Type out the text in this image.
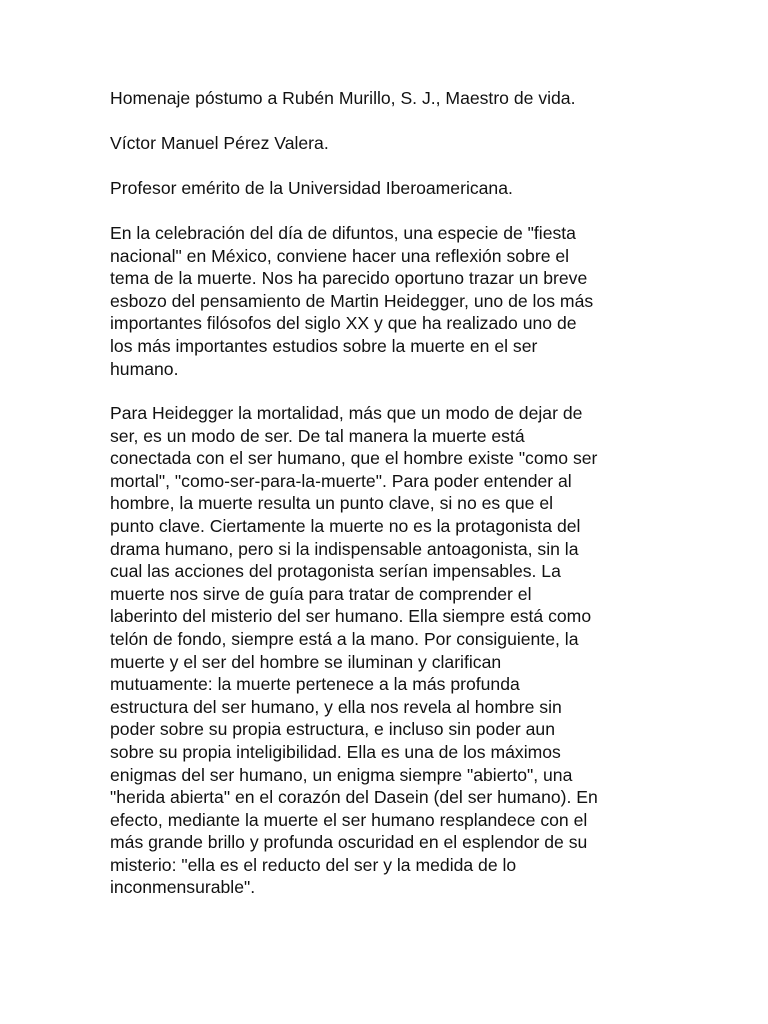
Homenaje póstumo a Rubén Murillo, S. J., Maestro de vida.
Víctor Manuel Pérez Valera.
Profesor emérito de la Universidad Iberoamericana.
En la celebración del día de difuntos, una especie de "fiesta
nacional" en México, conviene hacer una reflexión sobre el
tema de la muerte. Nos ha parecido oportuno trazar un breve
esbozo del pensamiento de Martin Heidegger, uno de los más
importantes filósofos del siglo XX y que ha realizado uno de
los más importantes estudios sobre la muerte en el ser
humano.
Para Heidegger la mortalidad, más que un modo de dejar de
ser, es un modo de ser. De tal manera la muerte está
conectada con el ser humano, que el hombre existe "como ser
mortal", "como-ser-para-la-muerte". Para poder entender al
hombre, la muerte resulta un punto clave, si no es que el
punto clave. Ciertamente la muerte no es la protagonista del
drama humano, pero si la indispensable antoagonista, sin la
cual las acciones del protagonista serían impensables. La
muerte nos sirve de guía para tratar de comprender el
laberinto del misterio del ser humano. Ella siempre está como
telón de fondo, siempre está a la mano. Por consiguiente, la
muerte y el ser del hombre se iluminan y clarifican
mutuamente: la muerte pertenece a la más profunda
estructura del ser humano, y ella nos revela al hombre sin
poder sobre su propia estructura, e incluso sin poder aun
sobre su propia inteligibilidad. Ella es una de los máximos
enigmas del ser humano, un enigma siempre "abierto", una
"herida abierta" en el corazón del Dasein (del ser humano). En
efecto, mediante la muerte el ser humano resplandece con el
más grande brillo y profunda oscuridad en el esplendor de su
misterio: "ella es el reducto del ser y la medida de lo
inconmensurable".
